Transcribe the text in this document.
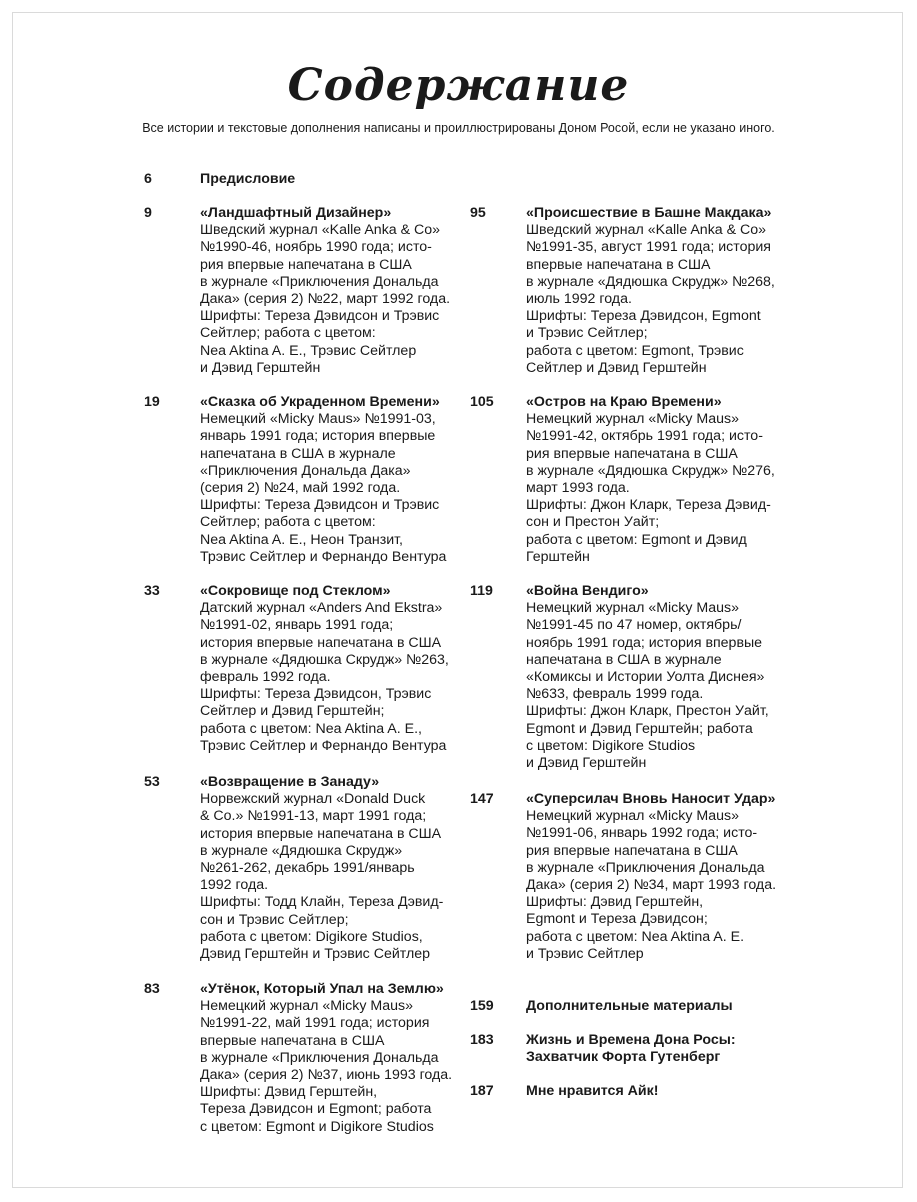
Содержание
Все истории и текстовые дополнения написаны и проиллюстрированы Доном Росой, если не указано иного.
6	Предисловие
9	«Ландшафтный Дизайнер»
Шведский журнал «Kalle Anka & Co»
№1990-46, ноябрь 1990 года; исто-
рия впервые напечатана в США
в журнале «Приключения Дональда
Дака» (серия 2) №22, март 1992 года.
Шрифты: Тереза Дэвидсон и Трэвис
Сейтлер; работа с цветом:
Nea Aktina A. E., Трэвис Сейтлер
и Дэвид Герштейн
19	«Сказка об Украденном Времени»
Немецкий «Micky Maus» №1991-03,
январь 1991 года; история впервые
напечатана в США в журнале
«Приключения Дональда Дака»
(серия 2) №24, май 1992 года.
Шрифты: Тереза Дэвидсон и Трэвис
Сейтлер; работа с цветом:
Nea Aktina A. E., Неон Транзит,
Трэвис Сейтлер и Фернандо Вентура
33	«Сокровище под Стеклом»
Датский журнал «Anders And Ekstra»
№1991-02, январь 1991 года;
история впервые напечатана в США
в журнале «Дядюшка Скрудж» №263,
февраль 1992 года.
Шрифты: Тереза Дэвидсон, Трэвис
Сейтлер и Дэвид Герштейн;
работа с цветом: Nea Aktina A. E.,
Трэвис Сейтлер и Фернандо Вентура
53	«Возвращение в Занаду»
Норвежский журнал «Donald Duck
& Co.» №1991-13, март 1991 года;
история впервые напечатана в США
в журнале «Дядюшка Скрудж»
№261-262, декабрь 1991/январь
1992 года.
Шрифты: Тодд Клайн, Тереза Дэвид-
сон и Трэвис Сейтлер;
работа с цветом: Digikore Studios,
Дэвид Герштейн и Трэвис Сейтлер
83	«Утёнок, Который Упал на Землю»
Немецкий журнал «Micky Maus»
№1991-22, май 1991 года; история
впервые напечатана в США
в журнале «Приключения Дональда
Дака» (серия 2) №37, июнь 1993 года.
Шрифты: Дэвид Герштейн,
Тереза Дэвидсон и Egmont; работа
с цветом: Egmont и Digikore Studios
95	«Происшествие в Башне Макдака»
Шведский журнал «Kalle Anka & Co»
№1991-35, август 1991 года; история
впервые напечатана в США
в журнале «Дядюшка Скрудж» №268,
июль 1992 года.
Шрифты: Тереза Дэвидсон, Egmont
и Трэвис Сейтлер;
работа с цветом: Egmont, Трэвис
Сейтлер и Дэвид Герштейн
105 «Остров на Краю Времени»
Немецкий журнал «Micky Maus»
№1991-42, октябрь 1991 года; исто-
рия впервые напечатана в США
в журнале «Дядюшка Скрудж» №276,
март 1993 года.
Шрифты: Джон Кларк, Тереза Дэвид-
сон и Престон Уайт;
работа с цветом: Egmont и Дэвид
Герштейн
119 «Война Вендиго»
Немецкий журнал «Micky Maus»
№1991-45 по 47 номер, октябрь/
ноябрь 1991 года; история впервые
напечатана в США в журнале
«Комиксы и Истории Уолта Диснея»
№633, февраль 1999 года.
Шрифты: Джон Кларк, Престон Уайт,
Egmont и Дэвид Герштейн; работа
с цветом: Digikore Studios
и Дэвид Герштейн
147 «Суперсилач Вновь Наносит Удар»
Немецкий журнал «Micky Maus»
№1991-06, январь 1992 года; исто-
рия впервые напечатана в США
в журнале «Приключения Дональда
Дака» (серия 2) №34, март 1993 года.
Шрифты: Дэвид Герштейн,
Egmont и Тереза Дэвидсон;
работа с цветом: Nea Aktina A. E.
и Трэвис Сейтлер
159 Дополнительные материалы
183 Жизнь и Времена Дона Росы:
Захватчик Форта Гутенберг
187 Мне нравится Айк!
